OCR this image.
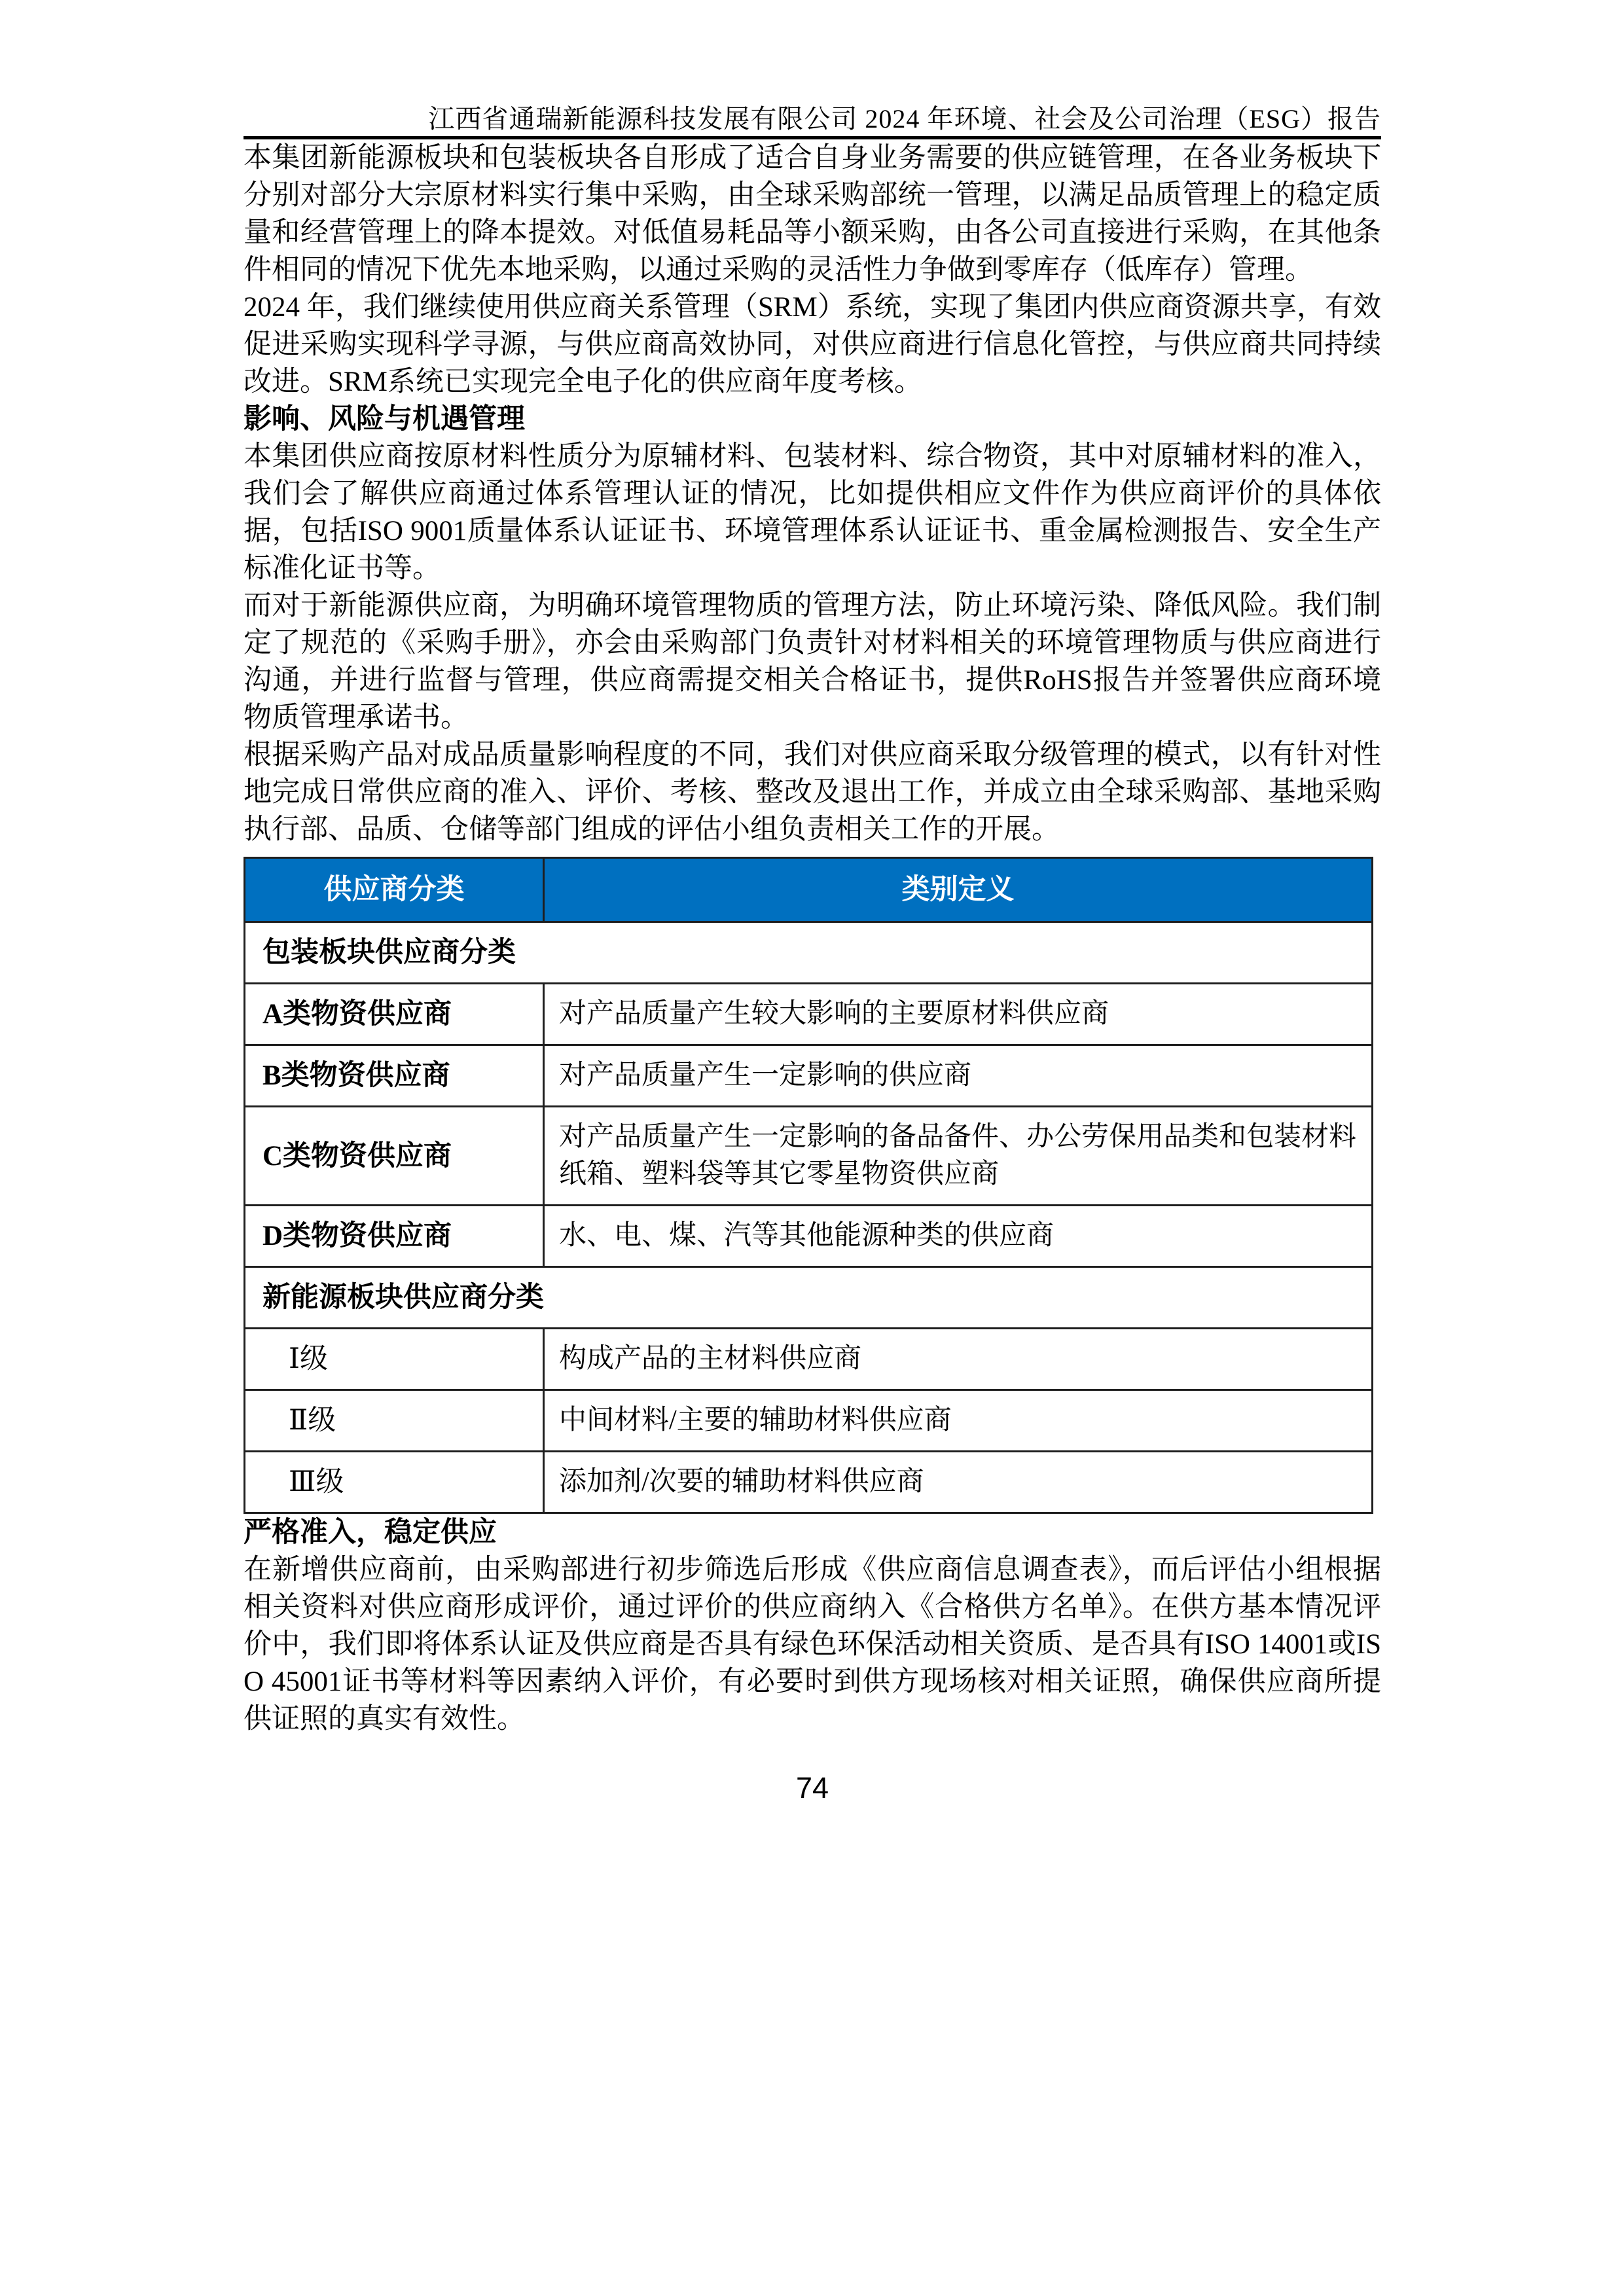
江西省通瑞新能源科技发展有限公司 2024 年环境、社会及公司治理（ESG）报告

本集团新能源板块和包装板块各自形成了适合自身业务需要的供应链管理，在各业务板块下分别对部分大宗原材料实行集中采购，由全球采购部统一管理，以满足品质管理上的稳定质量和经营管理上的降本提效。对低值易耗品等小额采购，由各公司直接进行采购，在其他条件相同的情况下优先本地采购，以通过采购的灵活性力争做到零库存（低库存）管理。

2024 年，我们继续使用供应商关系管理（SRM）系统，实现了集团内供应商资源共享，有效促进采购实现科学寻源，与供应商高效协同，对供应商进行信息化管控，与供应商共同持续改进。SRM系统已实现完全电子化的供应商年度考核。

影响、风险与机遇管理

本集团供应商按原材料性质分为原辅材料、包装材料、综合物资，其中对原辅材料的准入，我们会了解供应商通过体系管理认证的情况，比如提供相应文件作为供应商评价的具体依据，包括ISO 9001质量体系认证证书、环境管理体系认证证书、重金属检测报告、安全生产标准化证书等。

而对于新能源供应商，为明确环境管理物质的管理方法，防止环境污染、降低风险。我们制定了规范的《采购手册》，亦会由采购部门负责针对材料相关的环境管理物质与供应商进行沟通，并进行监督与管理，供应商需提交相关合格证书，提供RoHS报告并签署供应商环境物质管理承诺书。

根据采购产品对成品质量影响程度的不同，我们对供应商采取分级管理的模式，以有针对性地完成日常供应商的准入、评价、考核、整改及退出工作，并成立由全球采购部、基地采购执行部、品质、仓储等部门组成的评估小组负责相关工作的开展。

供应商分类	类别定义
包装板块供应商分类	
A类物资供应商	对产品质量产生较大影响的主要原材料供应商
B类物资供应商	对产品质量产生一定影响的供应商
C类物资供应商	对产品质量产生一定影响的备品备件、办公劳保用品类和包装材料纸箱、塑料袋等其它零星物资供应商
D类物资供应商	水、电、煤、汽等其他能源种类的供应商
新能源板块供应商分类	
Ⅰ级	构成产品的主材料供应商
Ⅱ级	中间材料/主要的辅助材料供应商
Ⅲ级	添加剂/次要的辅助材料供应商
严格准入，稳定供应

在新增供应商前，由采购部进行初步筛选后形成《供应商信息调查表》，而后评估小组根据相关资料对供应商形成评价，通过评价的供应商纳入《合格供方名单》。在供方基本情况评价中，我们即将体系认证及供应商是否具有绿色环保活动相关资质、是否具有ISO 14001或ISO 45001证书等材料等因素纳入评价，有必要时到供方现场核对相关证照，确保供应商所提供证照的真实有效性。

74
